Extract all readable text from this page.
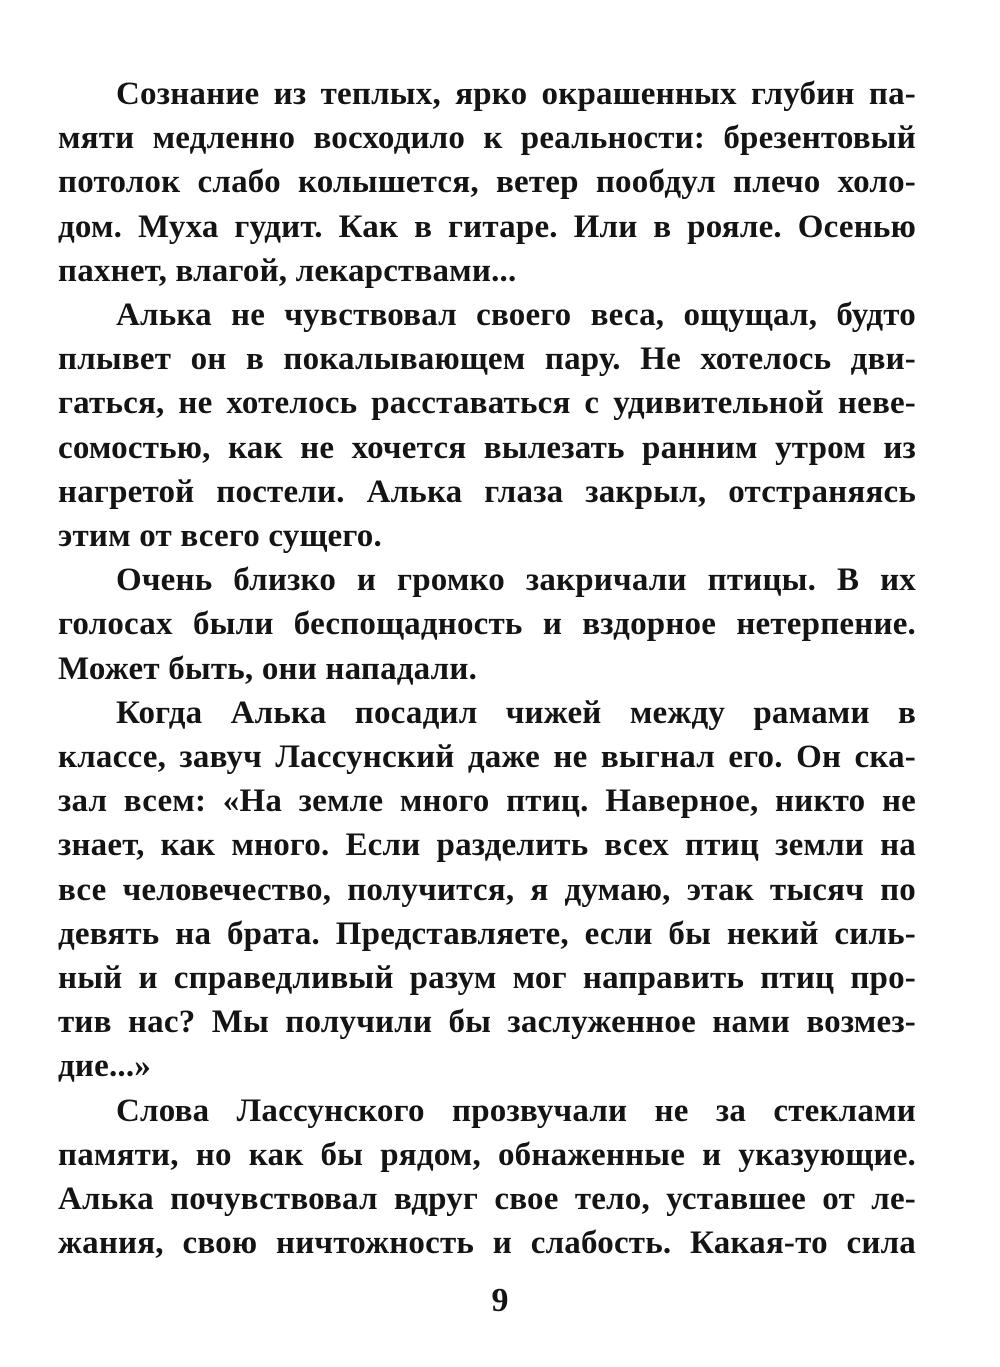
Сознание из теплых, ярко окрашенных глубин па-
мяти медленно восходило к реальности: брезентовый
потолок слабо колышется, ветер пообдул плечо холо-
дом. Муха гудит. Как в гитаре. Или в рояле. Осенью
пахнет, влагой, лекарствами...
Алька не чувствовал своего веса, ощущал, будто
плывет он в покалывающем пару. Не хотелось дви-
гаться, не хотелось расставаться с удивительной неве-
сомостью, как не хочется вылезать ранним утром из
нагретой постели. Алька глаза закрыл, отстраняясь
этим от всего сущего.
Очень близко и громко закричали птицы. В их
голосах были беспощадность и вздорное нетерпение.
Может быть, они нападали.
Когда Алька посадил чижей между рамами в
классе, завуч Лассунский даже не выгнал его. Он ска-
зал всем: «На земле много птиц. Наверное, никто не
знает, как много. Если разделить всех птиц земли на
все человечество, получится, я думаю, этак тысяч по
девять на брата. Представляете, если бы некий силь-
ный и справедливый разум мог направить птиц про-
тив нас? Мы получили бы заслуженное нами возмез-
дие...»
Слова Лассунского прозвучали не за стеклами
памяти, но как бы рядом, обнаженные и указующие.
Алька почувствовал вдруг свое тело, уставшее от ле-
жания, свою ничтожность и слабость. Какая-то сила
9
